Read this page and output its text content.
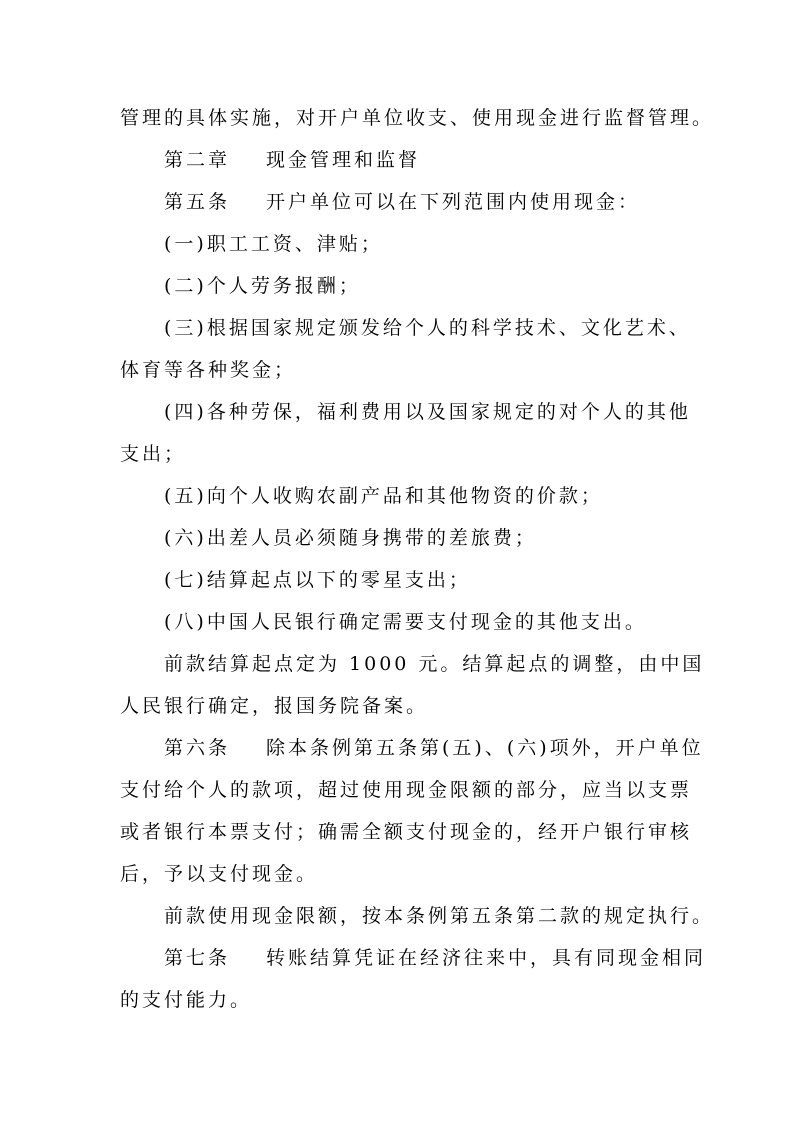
管理的具体实施，对开户单位收支、使用现金进行监督管理。
第二章 现金管理和监督
第五条 开户单位可以在下列范围内使用现金：
(一)职工工资、津贴；
(二)个人劳务报酬；
(三)根据国家规定颁发给个人的科学技术、文化艺术、
体育等各种奖金；
(四)各种劳保，福利费用以及国家规定的对个人的其他
支出；
(五)向个人收购农副产品和其他物资的价款；
(六)出差人员必须随身携带的差旅费；
(七)结算起点以下的零星支出；
(八)中国人民银行确定需要支付现金的其他支出。
前款结算起点定为 1000 元。结算起点的调整，由中国
人民银行确定，报国务院备案。
第六条 除本条例第五条第(五)、(六)项外，开户单位
支付给个人的款项，超过使用现金限额的部分，应当以支票
或者银行本票支付；确需全额支付现金的，经开户银行审核
后，予以支付现金。
前款使用现金限额，按本条例第五条第二款的规定执行。
第七条 转账结算凭证在经济往来中，具有同现金相同
的支付能力。
